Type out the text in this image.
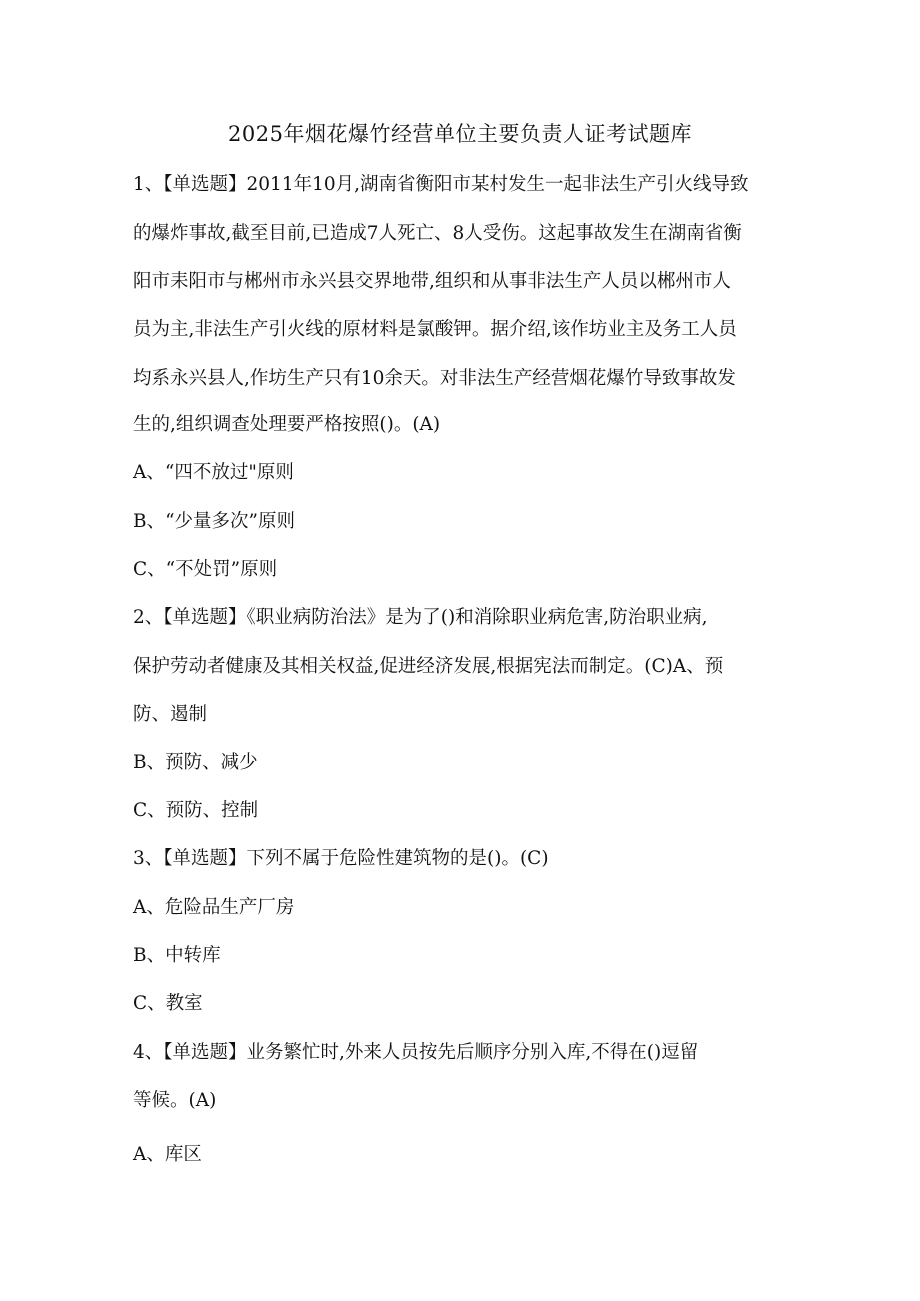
2025年烟花爆竹经营单位主要负责人证考试题库
1、【单选题】2011年10月,湖南省衡阳市某村发生一起非法生产引火线导致
的爆炸事故,截至目前,已造成7人死亡、8人受伤。这起事故发生在湖南省衡
阳市耒阳市与郴州市永兴县交界地带,组织和从事非法生产人员以郴州市人
员为主,非法生产引火线的原材料是氯酸钾。据介绍,该作坊业主及务工人员
均系永兴县人,作坊生产只有10余天。对非法生产经营烟花爆竹导致事故发
生的,组织调查处理要严格按照()。(A)
A、“四不放过"原则
B、“少量多次”原则
C、“不处罚”原则
2、【单选题】《职业病防治法》是为了()和消除职业病危害,防治职业病,
保护劳动者健康及其相关权益,促进经济发展,根据宪法而制定。(C)A、预
防、遏制
B、预防、减少
C、预防、控制
3、【单选题】下列不属于危险性建筑物的是()。(C)
A、危险品生产厂房
B、中转库
C、教室
4、【单选题】业务繁忙时,外来人员按先后顺序分别入库,不得在()逗留
等候。(A)
A、库区
